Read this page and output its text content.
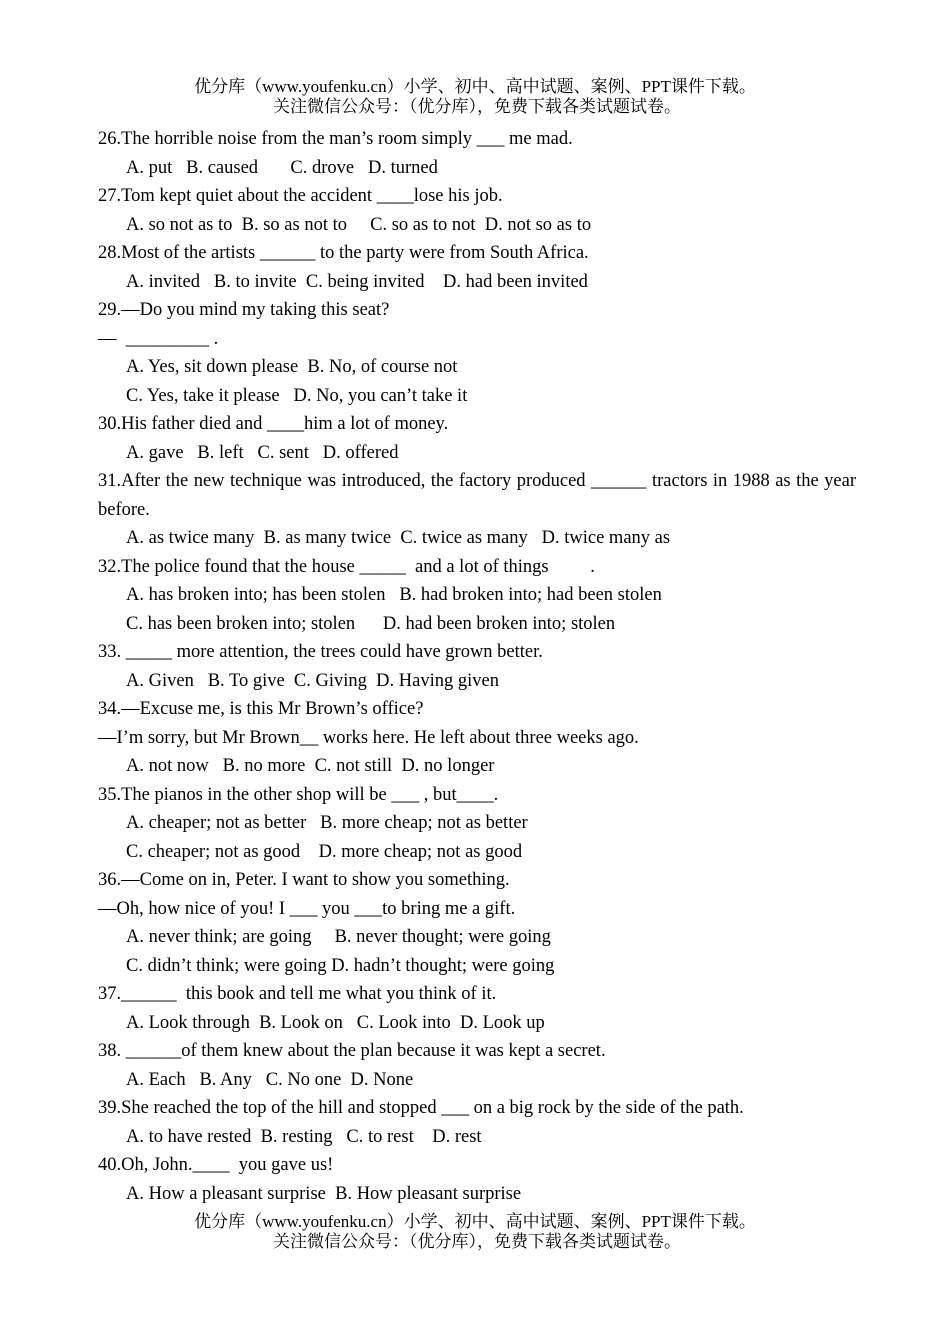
优分库（www.youfenku.cn）小学、初中、高中试题、案例、PPT课件下载。
关注微信公众号：（优分库），免费下载各类试题试卷。
26.The horrible noise from the man’s room simply ___ me mad.
A. put   B. caused       C. drove   D. turned
27.Tom kept quiet about the accident ____lose his job.
A. so not as to  B. so as not to     C. so as to not  D. not so as to
28.Most of the artists ______ to the party were from South Africa.
A. invited   B. to invite  C. being invited    D. had been invited
29.—Do you mind my taking this seat?
—  _________ .
A. Yes, sit down please  B. No, of course not
C. Yes, take it please   D. No, you can’t take it
30.His father died and ____him a lot of money.
A. gave   B. left   C. sent   D. offered
31.After the new technique was introduced, the factory produced ______ tractors in 1988 as the year before.
A. as twice many  B. as many twice  C. twice as many   D. twice many as
32.The police found that the house _____  and a lot of things         .
A. has broken into; has been stolen   B. had broken into; had been stolen
C. has been broken into; stolen      D. had been broken into; stolen
33. _____ more attention, the trees could have grown better.
A. Given   B. To give  C. Giving  D. Having given
34.—Excuse me, is this Mr Brown’s office?
—I’m sorry, but Mr Brown__ works here. He left about three weeks ago.
A. not now   B. no more  C. not still  D. no longer
35.The pianos in the other shop will be ___ , but____.
A. cheaper; not as better   B. more cheap; not as better
C. cheaper; not as good    D. more cheap; not as good
36.—Come on in, Peter. I want to show you something.
—Oh, how nice of you! I ___ you ___to bring me a gift.
A. never think; are going     B. never thought; were going
C. didn’t think; were going D. hadn’t thought; were going
37.______  this book and tell me what you think of it.
A. Look through  B. Look on   C. Look into  D. Look up
38. ______of them knew about the plan because it was kept a secret.
A. Each   B. Any   C. No one  D. None
39.She reached the top of the hill and stopped ___ on a big rock by the side of the path.
A. to have rested  B. resting   C. to rest    D. rest
40.Oh, John.____  you gave us!
A. How a pleasant surprise  B. How pleasant surprise
优分库（www.youfenku.cn）小学、初中、高中试题、案例、PPT课件下载。
关注微信公众号：（优分库），免费下载各类试题试卷。
